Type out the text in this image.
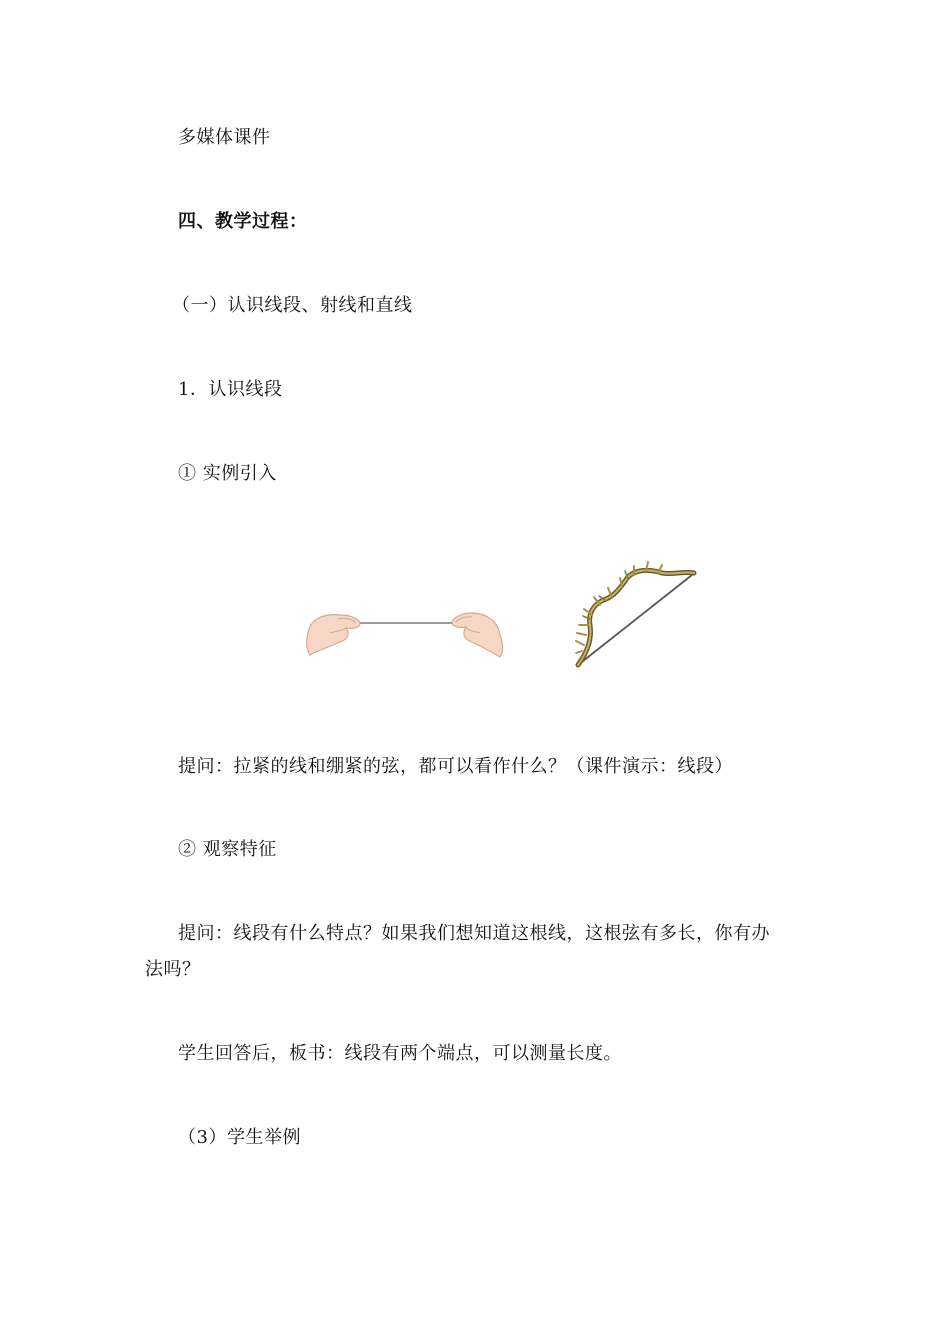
多媒体课件
四、教学过程：
（一）认识线段、射线和直线
1．认识线段
① 实例引入
提问：拉紧的线和绷紧的弦，都可以看作什么？（课件演示：线段）
② 观察特征
提问：线段有什么特点？如果我们想知道这根线，这根弦有多长，你有办
法吗？
学生回答后，板书：线段有两个端点，可以测量长度。
（3）学生举例
